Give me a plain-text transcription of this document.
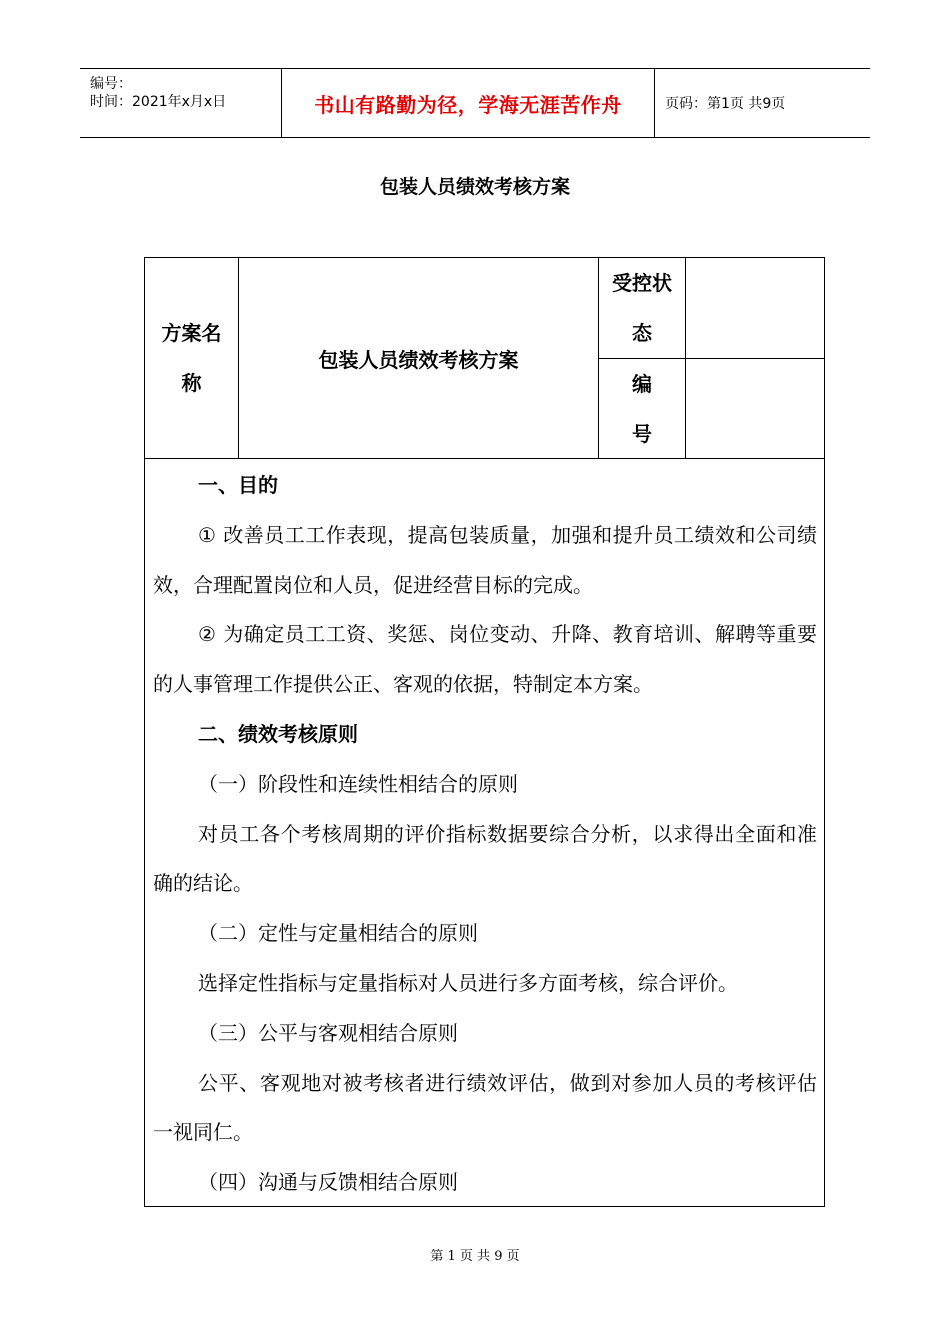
编号：
时间：2021年x月x日	书山有路勤为径，学海无涯苦作舟	页码：第1页 共9页
包装人员绩效考核方案
方案名称
包装人员绩效考核方案
受控状态
编号

一、目的

① 改善员工工作表现，提高包装质量，加强和提升员工绩效和公司绩效，合理配置岗位和人员，促进经营目标的完成。

② 为确定员工工资、奖惩、岗位变动、升降、教育培训、解聘等重要的人事管理工作提供公正、客观的依据，特制定本方案。

二、绩效考核原则

（一）阶段性和连续性相结合的原则

对员工各个考核周期的评价指标数据要综合分析，以求得出全面和准确的结论。

（二）定性与定量相结合的原则

选择定性指标与定量指标对人员进行多方面考核，综合评价。

（三）公平与客观相结合原则

公平、客观地对被考核者进行绩效评估，做到对参加人员的考核评估一视同仁。

（四）沟通与反馈相结合原则

第 1 页 共 9 页
